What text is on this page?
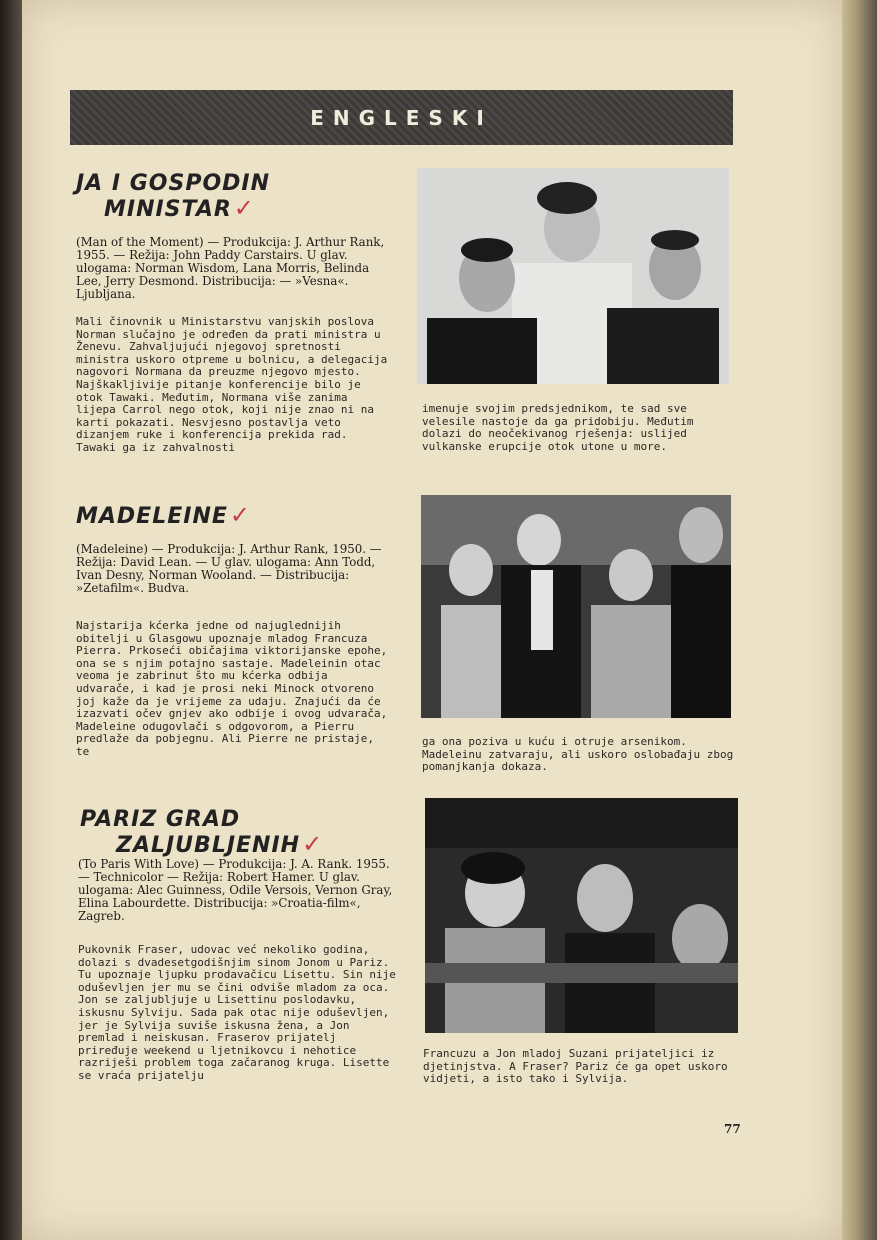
ENGLESKI
JA I GOSPODIN
MINISTAR✓
(Man of the Moment) — Produkcija: J. Arthur Rank, 1955. — Režija: John Paddy Carstairs. U glav. ulogama: Norman Wisdom, Lana Morris, Belinda Lee, Jerry Desmond. Distribucija: — »Vesna«. Ljubljana.
Mali činovnik u Ministarstvu vanjskih poslova Norman slučajno je određen da prati ministra u Ženevu. Zahvaljujući njegovoj spretnosti ministra uskoro otpreme u bolnicu, a delegacija nagovori Normana da preuzme njegovo mjesto. Najškakljivije pitanje konferencije bilo je otok Tawaki. Međutim, Normana više zanima lijepa Carrol nego otok, koji nije znao ni na karti pokazati. Nesvjesno postavlja veto dizanjem ruke i konferencija prekida rad. Tawaki ga iz zahvalnosti
imenuje svojim predsjednikom, te sad sve velesile nastoje da ga pridobiju. Međutim dolazi do neočekivanog rješenja: uslijed vulkanske erupcije otok utone u more.
MADELEINE✓
(Madeleine) — Produkcija: J. Arthur Rank, 1950. — Režija: David Lean. — U glav. ulogama: Ann Todd, Ivan Desny, Norman Wooland. — Distribucija: »Zetafilm«. Budva.
Najstarija kćerka jedne od najuglednijih obitelji u Glasgowu upoznaje mladog Francuza Pierra. Prkoseći običajima viktorijanske epohe, ona se s njim potajno sastaje. Madeleinin otac veoma je zabrinut što mu kćerka odbija udvarače, i kad je prosi neki Minock otvoreno joj kaže da je vrijeme za udaju. Znajući da će izazvati očev gnjev ako odbije i ovog udvarača, Madeleine odugovlači s odgovorom, a Pierru predlaže da pobjegnu. Ali Pierre ne pristaje, te
ga ona poziva u kuću i otruje arsenikom. Madeleinu zatvaraju, ali uskoro oslobađaju zbog pomanjkanja dokaza.
PARIZ GRAD
ZALJUBLJENIH✓
(To Paris With Love) — Produkcija: J. A. Rank. 1955. — Technicolor — Režija: Robert Hamer. U glav. ulogama: Alec Guinness, Odile Versois, Vernon Gray, Elina Labourdette. Distribucija: »Croatia-film«, Zagreb.
Pukovnik Fraser, udovac već nekoliko godina, dolazi s dvadesetgodišnjim sinom Jonom u Pariz. Tu upoznaje ljupku prodavačicu Lisettu. Sin nije oduševljen jer mu se čini odviše mladom za oca. Jon se zaljubljuje u Lisettinu poslodavku, iskusnu Sylviju. Sada pak otac nije oduševljen, jer je Sylvija suviše iskusna žena, a Jon premlad i neiskusan. Fraserov prijatelj priređuje weekend u ljetnikovcu i nehotice razriješi problem toga začaranog kruga. Lisette se vraća prijatelju
Francuzu a Jon mladoj Suzani prijateljici iz djetinjstva. A Fraser? Pariz će ga opet uskoro vidjeti, a isto tako i Sylvija.
77
